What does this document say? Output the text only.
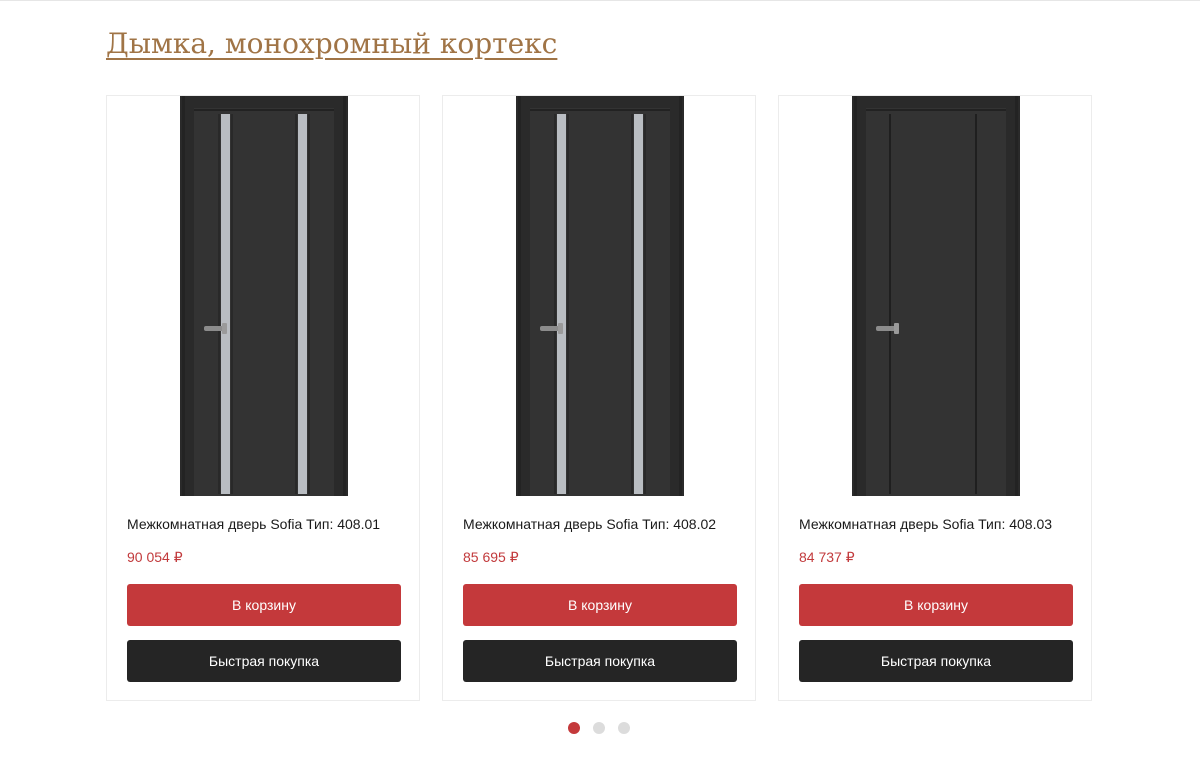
Дымка, монохромный кортекс
Межкомнатная дверь Sofia Тип: 408.01
90 054 ₽
В корзину
Быстрая покупка
Межкомнатная дверь Sofia Тип: 408.02
85 695 ₽
В корзину
Быстрая покупка
Межкомнатная дверь Sofia Тип: 408.03
84 737 ₽
В корзину
Быстрая покупка
